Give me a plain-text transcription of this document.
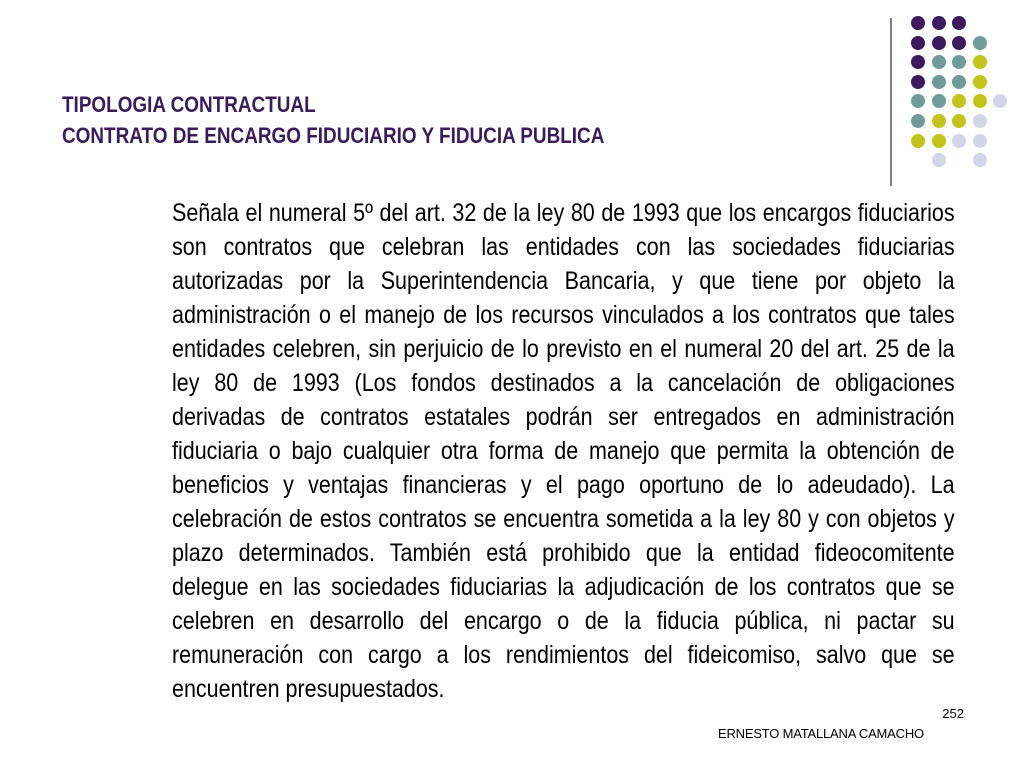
TIPOLOGIA CONTRACTUAL
CONTRATO DE ENCARGO FIDUCIARIO Y FIDUCIA PUBLICA
Señala el numeral 5º del art. 32 de la ley 80 de 1993 que los encargos fiduciarios son contratos que celebran las entidades con las sociedades fiduciarias autorizadas por la Superintendencia Bancaria, y que tiene por objeto la administración o el manejo de los recursos vinculados a los contratos que tales entidades celebren, sin perjuicio de lo previsto en el numeral 20 del art. 25 de la ley 80 de 1993 (Los fondos destinados a la cancelación de obligaciones derivadas de contratos estatales podrán ser entregados en administración fiduciaria o bajo cualquier otra forma de manejo que permita la obtención de beneficios y ventajas financieras y el pago oportuno de lo adeudado). La celebración de estos contratos se encuentra sometida a la ley 80 y con objetos y plazo determinados. También está prohibido que la entidad fideocomitente delegue en las sociedades fiduciarias la adjudicación de los contratos que se celebren en desarrollo del encargo o de la fiducia pública, ni pactar su remuneración con cargo a los rendimientos del fideicomiso, salvo que se encuentren presupuestados.
252
ERNESTO MATALLANA CAMACHO
